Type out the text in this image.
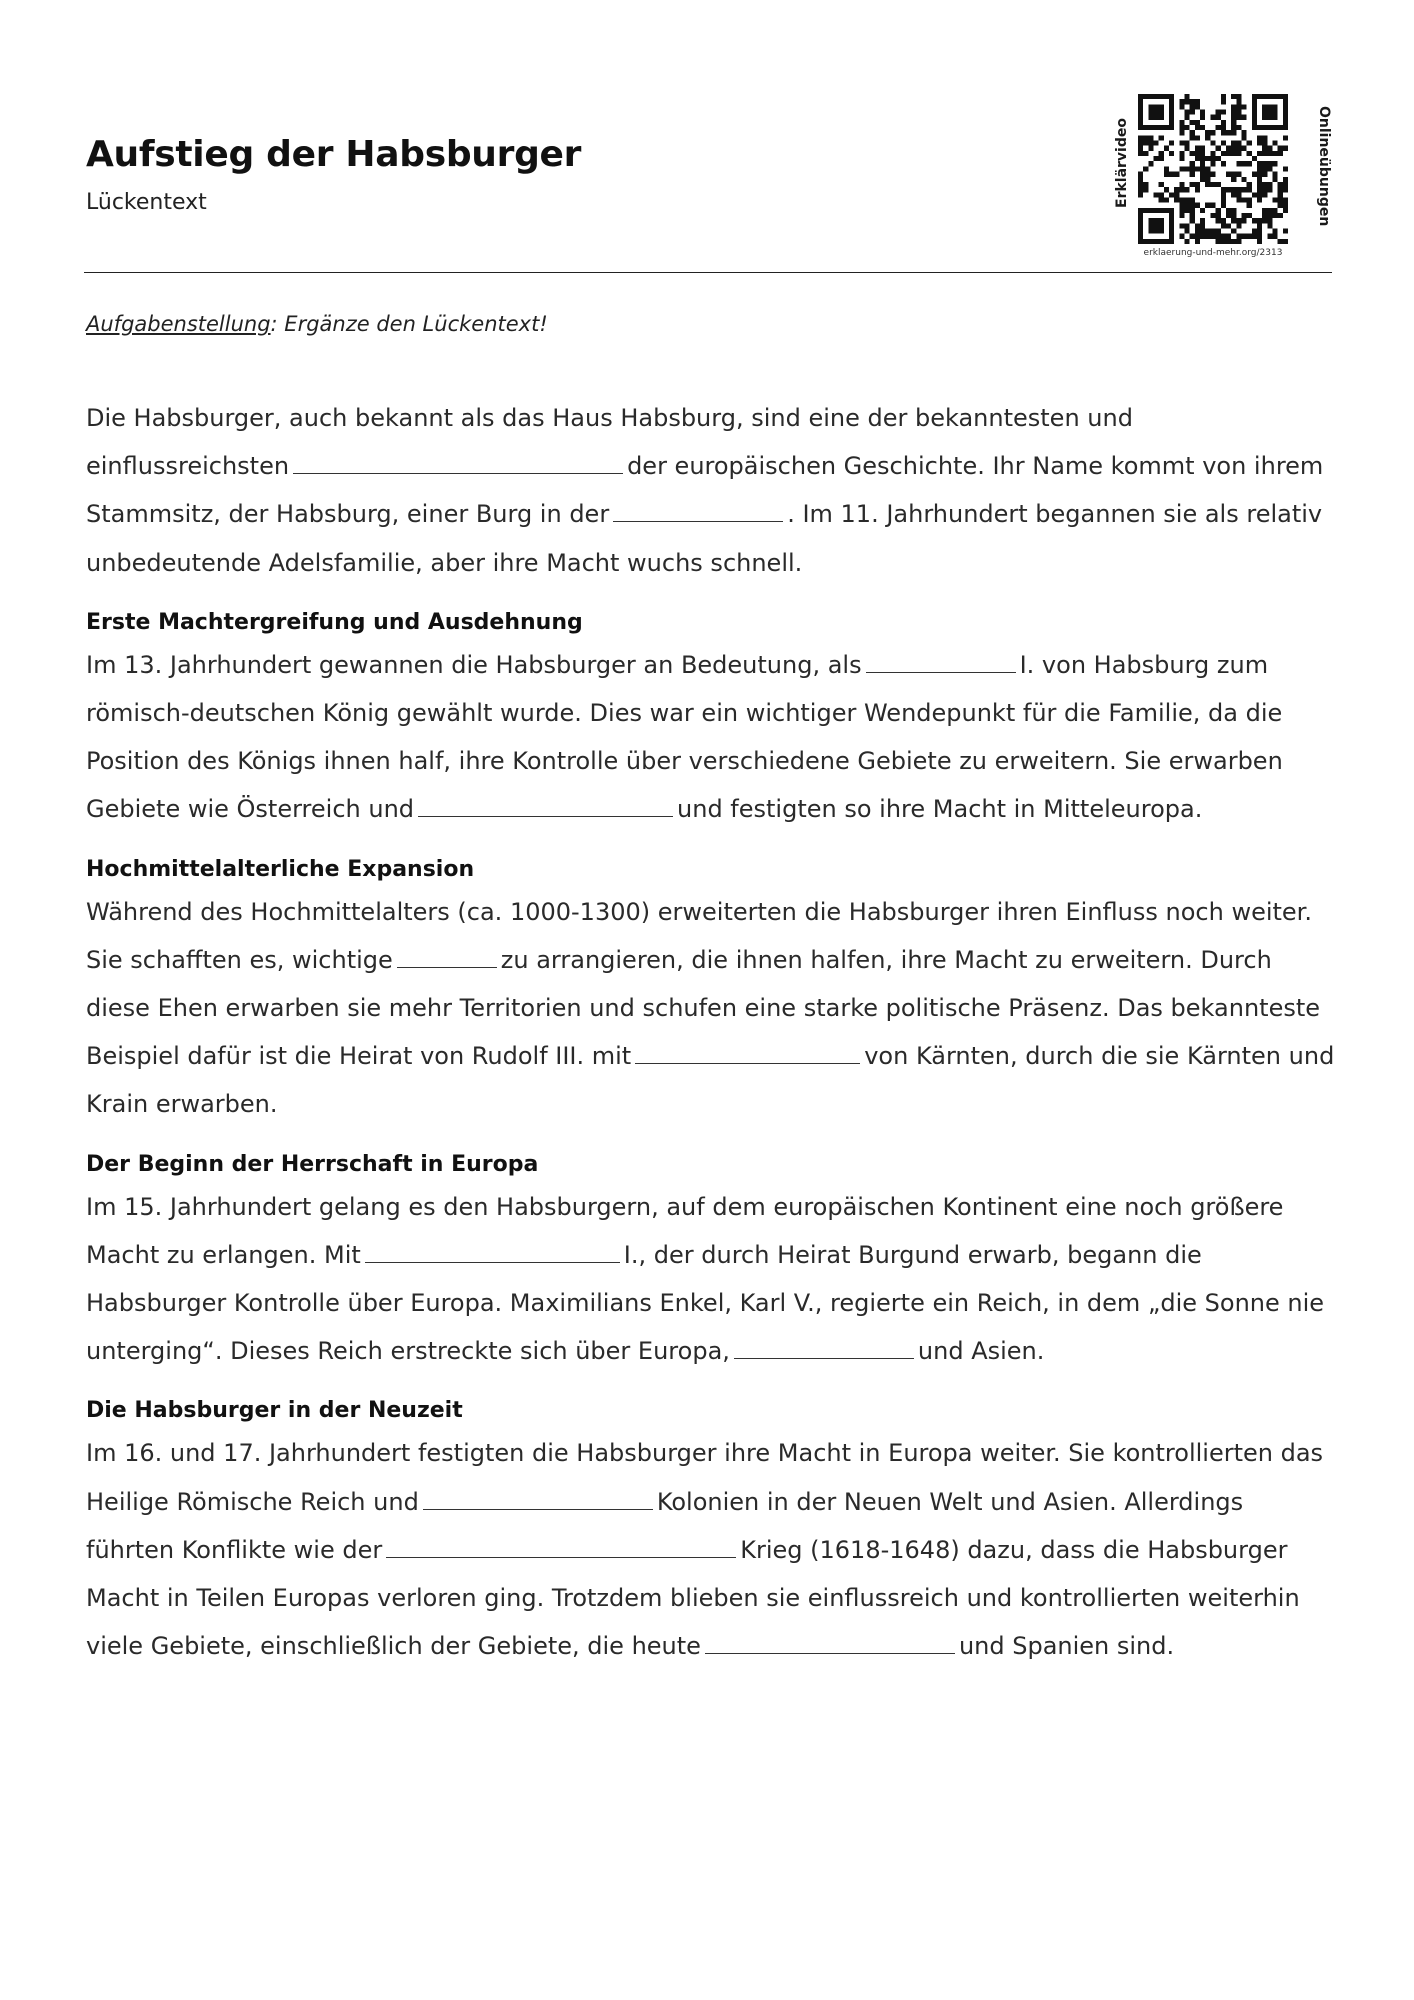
Aufstieg der Habsburger
Lückentext	Erklärvideo
erklaerung-und-mehr.org/2313
Onlineübungen
Aufgabenstellung: Ergänze den Lückentext!

Die Habsburger, auch bekannt als das Haus Habsburg, sind eine der bekanntesten und einflussreichsten	der europäischen Geschichte. Ihr Name kommt von ihrem Stammsitz, der Habsburg, einer Burg in der	. Im 11. Jahrhundert begannen sie als relativ unbedeutende Adelsfamilie, aber ihre Macht wuchs schnell.

Erste Machtergreifung und Ausdehnung

Im 13. Jahrhundert gewannen die Habsburger an Bedeutung, als	I. von Habsburg zum römisch-deutschen König gewählt wurde. Dies war ein wichtiger Wendepunkt für die Familie, da die Position des Königs ihnen half, ihre Kontrolle über verschiedene Gebiete zu erweitern. Sie erwarben Gebiete wie Österreich und	und festigten so ihre Macht in Mitteleuropa.

Hochmittelalterliche Expansion

Während des Hochmittelalters (ca. 1000-1300) erweiterten die Habsburger ihren Einfluss noch weiter. Sie schafften es, wichtige	zu arrangieren, die ihnen halfen, ihre Macht zu erweitern. Durch diese Ehen erwarben sie mehr Territorien und schufen eine starke politische Präsenz. Das bekannteste Beispiel dafür ist die Heirat von Rudolf III. mit	von Kärnten, durch die sie Kärnten und Krain erwarben.

Der Beginn der Herrschaft in Europa

Im 15. Jahrhundert gelang es den Habsburgern, auf dem europäischen Kontinent eine noch größere Macht zu erlangen. Mit	I., der durch Heirat Burgund erwarb, begann die Habsburger Kontrolle über Europa. Maximilians Enkel, Karl V., regierte ein Reich, in dem „die Sonne nie unterging“. Dieses Reich erstreckte sich über Europa,	und Asien.

Die Habsburger in der Neuzeit

Im 16. und 17. Jahrhundert festigten die Habsburger ihre Macht in Europa weiter. Sie kontrollierten das Heilige Römische Reich und	Kolonien in der Neuen Welt und Asien. Allerdings führten Konflikte wie der	Krieg (1618-1648) dazu, dass die Habsburger Macht in Teilen Europas verloren ging. Trotzdem blieben sie einflussreich und kontrollierten weiterhin viele Gebiete, einschließlich der Gebiete, die heute	und Spanien sind.
